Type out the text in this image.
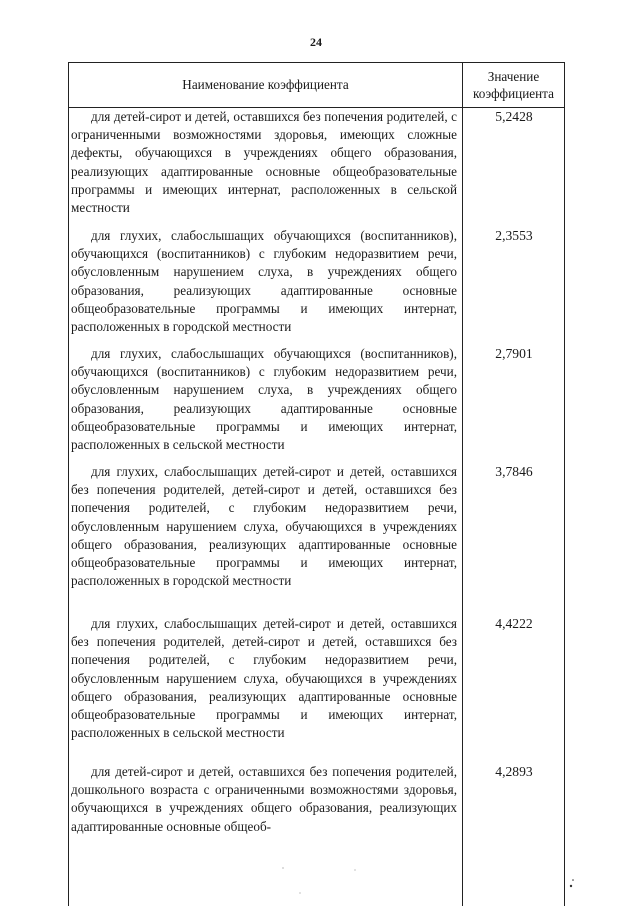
24
Наименование коэффициента
Значение
коэффициента
для детей-сирот и детей, оставшихся без попечения родителей, с ограниченными возможностями здоровья, имеющих сложные дефекты, обучающихся в учреждениях общего образования, реализующих адаптированные основные общеобразовательные программы и имеющих интернат, расположенных в сельской местности
5,2428
для глухих, слабослышащих обучающихся (воспитанников), обучающихся (воспитанников) с глубоким недоразвитием речи, обусловленным нарушением слуха, в учреждениях общего образования, реализующих адаптированные основные общеобразовательные программы и имеющих интернат, расположенных в городской местности
2,3553
для глухих, слабослышащих обучающихся (воспитанников), обучающихся (воспитанников) с глубоким недоразвитием речи, обусловленным нарушением слуха, в учреждениях общего образования, реализующих адаптированные основные общеобразовательные программы и имеющих интернат, расположенных в сельской местности
2,7901
для глухих, слабослышащих детей-сирот и детей, оставшихся без попечения родителей, детей-сирот и детей, оставшихся без попечения родителей, с глубоким недоразвитием речи, обусловленным нарушением слуха, обучающихся в учреждениях общего образования, реализующих адаптированные основные общеобразовательные программы и имеющих интернат, расположенных в городской местности
3,7846
для глухих, слабослышащих детей-сирот и детей, оставшихся без попечения родителей, детей-сирот и детей, оставшихся без попечения родителей, с глубоким недоразвитием речи, обусловленным нарушением слуха, обучающихся в учреждениях общего образования, реализующих адаптированные основные общеобразовательные программы и имеющих интернат, расположенных в сельской местности
4,4222
для детей-сирот и детей, оставшихся без попечения родителей, дошкольного возраста с ограниченными возможностями здоровья, обучающихся в учреждениях общего образования, реализующих адаптированные основные общеоб-
4,2893
